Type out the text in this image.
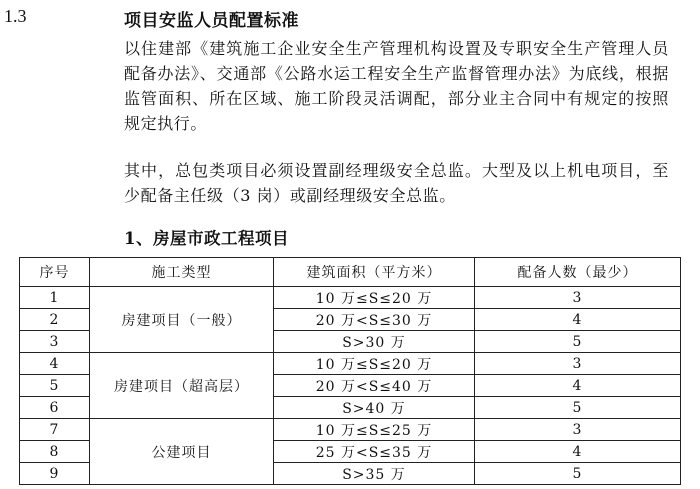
1.3	项目安监人员配置标准

以住建部《建筑施工企业安全生产管理机构设置及专职安全生产管理人员配备办法》、交通部《公路水运工程安全生产监督管理办法》为底线，根据监管面积、所在区域、施工阶段灵活调配，部分业主合同中有规定的按照规定执行。

其中，总包类项目必须设置副经理级安全总监。大型及以上机电项目，至少配备主任级（3 岗）或副经理级安全总监。

1、房屋市政工程项目
序号	施工类型	建筑面积（平方米）	配备人数（最少）
1	房建项目（一般）	10 万≤S≤20 万	3
2		20 万<S≤30 万	4
3		S>30 万	5
4	房建项目（超高层）	10 万≤S≤20 万	3
5		20 万<S≤40 万	4
6		S>40 万	5
7	公建项目	10 万≤S≤25 万	3
8		25 万<S≤35 万	4
9		S>35 万	5
